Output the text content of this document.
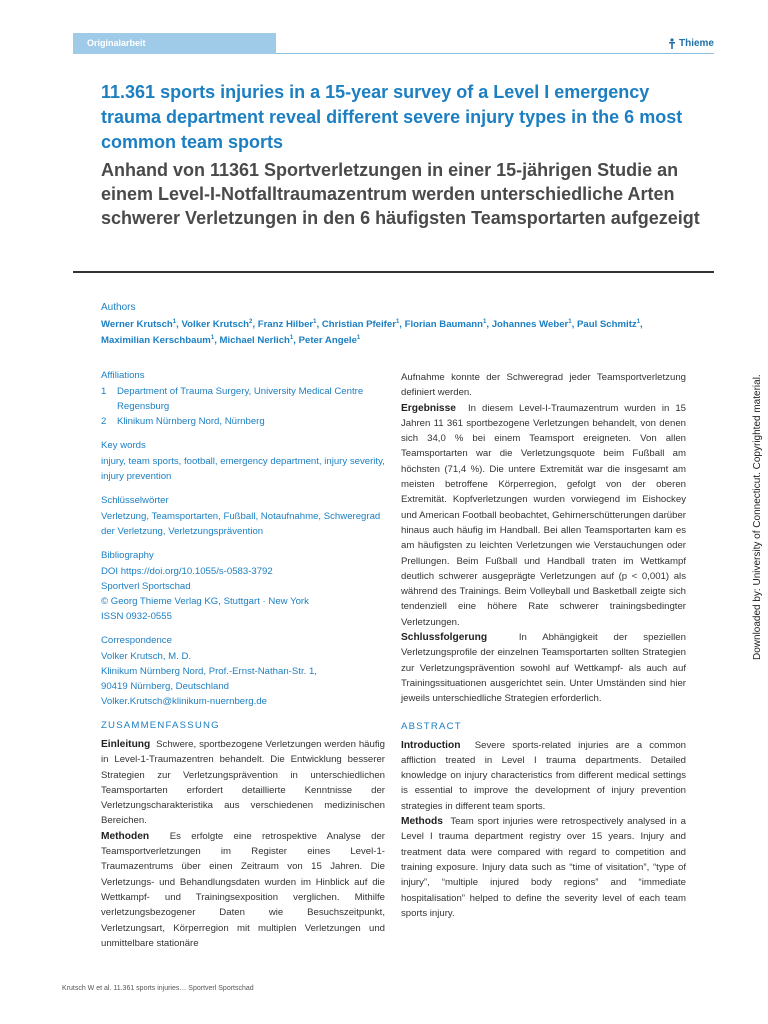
Originalarbeit	Thieme
11.361 sports injuries in a 15-year survey of a Level I emergency trauma department reveal different severe injury types in the 6 most common team sports
Anhand von 11361 Sportverletzungen in einer 15-jährigen Studie an einem Level-I-Notfalltraumazentrum werden unterschiedliche Arten schwerer Verletzungen in den 6 häufigsten Teamsportarten aufgezeigt
Authors
Werner Krutsch$^1$, Volker Krutsch$^2$, Franz Hilber$^1$, Christian Pfeifer$^1$, Florian Baumann$^1$, Johannes Weber$^1$, Paul Schmitz$^1$,
Maximilian Kerschbaum$^1$, Michael Nerlich$^1$, Peter Angele$^1$
Affiliations
1	Department of Trauma Surgery, University Medical Centre Regensburg
2	Klinikum Nürnberg Nord, Nürnberg
Key words
injury, team sports, football, emergency department, injury severity, injury prevention
Schlüsselwörter
Verletzung, Teamsportarten, Fußball, Notaufnahme, Schweregrad der Verletzung, Verletzungsprävention
Bibliography
DOI https://doi.org/10.1055/s-0583-3792
Sportverl Sportschad
© Georg Thieme Verlag KG, Stuttgart · New York
ISSN 0932-0555
Correspondence
Volker Krutsch, M. D.
Klinikum Nürnberg Nord, Prof.-Ernst-Nathan-Str. 1,
90419 Nürnberg, Deutschland
Volker.Krutsch@klinikum-nuernberg.de
ZUSAMMENFASSUNG

Einleitung Schwere, sportbezogene Verletzungen werden häufig in Level-1-Traumazentren behandelt. Die Entwicklung besserer Strategien zur Verletzungsprävention in unterschiedlichen Teamsportarten erfordert detaillierte Kenntnisse der Verletzungscharakteristika aus verschiedenen medizinischen Bereichen.

Methoden Es erfolgte eine retrospektive Analyse der Teamsportverletzungen im Register eines Level-1-Traumazentrums über einen Zeitraum von 15 Jahren. Die Verletzungs- und Behandlungsdaten wurden im Hinblick auf die Wettkampf- und Trainingsexposition verglichen. Mithilfe verletzungsbezogener Daten wie Besuchszeitpunkt, Verletzungsart, Körperregion mit multiplen Verletzungen und unmittelbare stationäre

Aufnahme konnte der Schweregrad jeder Teamsportverletzung definiert werden.

Ergebnisse In diesem Level-I-Traumazentrum wurden in 15 Jahren 11 361 sportbezogene Verletzungen behandelt, von denen sich 34,0 % bei einem Teamsport ereigneten. Von allen Teamsportarten war die Verletzungsquote beim Fußball am höchsten (71,4 %). Die untere Extremität war die insgesamt am meisten betroffene Körperregion, gefolgt von der oberen Extremität. Kopfverletzungen wurden vorwiegend im Eishockey und American Football beobachtet, Gehirnerschütterungen darüber hinaus auch häufig im Handball. Bei allen Teamsportarten kam es am häufigsten zu leichten Verletzungen wie Verstauchungen oder Prellungen. Beim Fußball und Handball traten im Wettkampf deutlich schwerer ausgeprägte Verletzungen auf (p < 0,001) als während des Trainings. Beim Volleyball und Basketball zeigte sich tendenziell eine höhere Rate schwerer trainingsbedingter Verletzungen.

Schlussfolgerung	In Abhängigkeit der speziellen Verletzungsprofile der einzelnen Teamsportarten sollten Strategien zur Verletzungsprävention sowohl auf Wettkampf- als auch auf Trainingssituationen ausgerichtet sein. Unter Umständen sind hier jeweils unterschiedliche Strategien erforderlich.

ABSTRACT

Introduction Severe sports-related injuries are a common affliction treated in Level I trauma departments. Detailed knowledge on injury characteristics from different medical settings is essential to improve the development of injury prevention strategies in different team sports.

Methods Team sport injuries were retrospectively analysed in a Level I trauma department registry over 15 years. Injury and treatment data were compared with regard to competition and training exposure. Injury data such as “time of visitation”, “type of injury”, “multiple injured body regions” and “immediate hospitalisation” helped to define the severity level of each team sports injury.

Krutsch W et al. 11.361 sports injuries… Sportverl Sportschad
Downloaded by: University of Connecticut. Copyrighted material.
